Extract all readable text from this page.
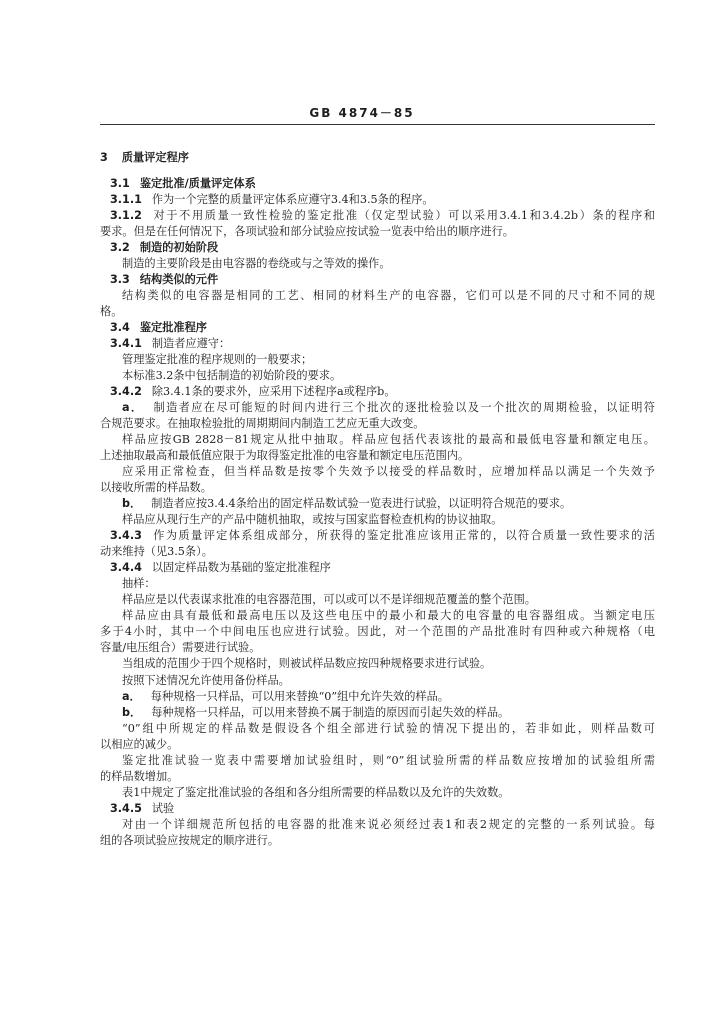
GB 4874－85
3 质量评定程序
3.1 鉴定批准/质量评定体系
3.1.1 作为一个完整的质量评定体系应遵守3.4和3.5条的程序。
3.1.2 对于不用质量一致性检验的鉴定批准（仅定型试验）可以采用3.4.1和3.4.2b）条的程序和
要求。但是在任何情况下，各项试验和部分试验应按试验一览表中给出的顺序进行。
3.2 制造的初始阶段
制造的主要阶段是由电容器的卷绕或与之等效的操作。
3.3 结构类似的元件
结构类似的电容器是相同的工艺、相同的材料生产的电容器，它们可以是不同的尺寸和不同的规
格。
3.4 鉴定批准程序
3.4.1 制造者应遵守：
管理鉴定批准的程序规则的一般要求；
本标准3.2条中包括制造的初始阶段的要求。
3.4.2 除3.4.1条的要求外，应采用下述程序a或程序b。
a． 制造者应在尽可能短的时间内进行三个批次的逐批检验以及一个批次的周期检验，以证明符
合规范要求。在抽取检验批的周期期间内制造工艺应无重大改变。
样品应按GB 2828－81规定从批中抽取。样品应包括代表该批的最高和最低电容量和额定电压。
上述抽取最高和最低值应限于为取得鉴定批准的电容量和额定电压范围内。
应采用正常检查，但当样品数是按零个失效予以接受的样品数时，应增加样品以满足一个失效予
以接收所需的样品数。
b． 制造者应按3.4.4条给出的固定样品数试验一览表进行试验，以证明符合规范的要求。
样品应从现行生产的产品中随机抽取，或按与国家监督检查机构的协议抽取。
3.4.3 作为质量评定体系组成部分，所获得的鉴定批准应该用正常的，以符合质量一致性要求的活
动来维持（见3.5条）。
3.4.4 以固定样品数为基础的鉴定批准程序
抽样：
样品应是以代表谋求批准的电容器范围，可以或可以不是详细规范覆盖的整个范围。
样品应由具有最低和最高电压以及这些电压中的最小和最大的电容量的电容器组成。当额定电压
多于4小时，其中一个中间电压也应进行试验。因此，对一个范围的产品批准时有四种或六种规格（电
容量/电压组合）需要进行试验。
当组成的范围少于四个规格时，则被试样品数应按四种规格要求进行试验。
按照下述情况允许使用备份样品。
a． 每种规格一只样品，可以用来替换“0”组中允许失效的样品。
b． 每种规格一只样品，可以用来替换不属于制造的原因而引起失效的样品。
“0”组中所规定的样品数是假设各个组全部进行试验的情况下提出的，若非如此，则样品数可
以相应的减少。
鉴定批准试验一览表中需要增加试验组时，则“0”组试验所需的样品数应按增加的试验组所需
的样品数增加。
表1中规定了鉴定批准试验的各组和各分组所需要的样品数以及允许的失效数。
3.4.5 试验
对由一个详细规范所包括的电容器的批准来说必须经过表1和表2规定的完整的一系列试验。每
组的各项试验应按规定的顺序进行。
